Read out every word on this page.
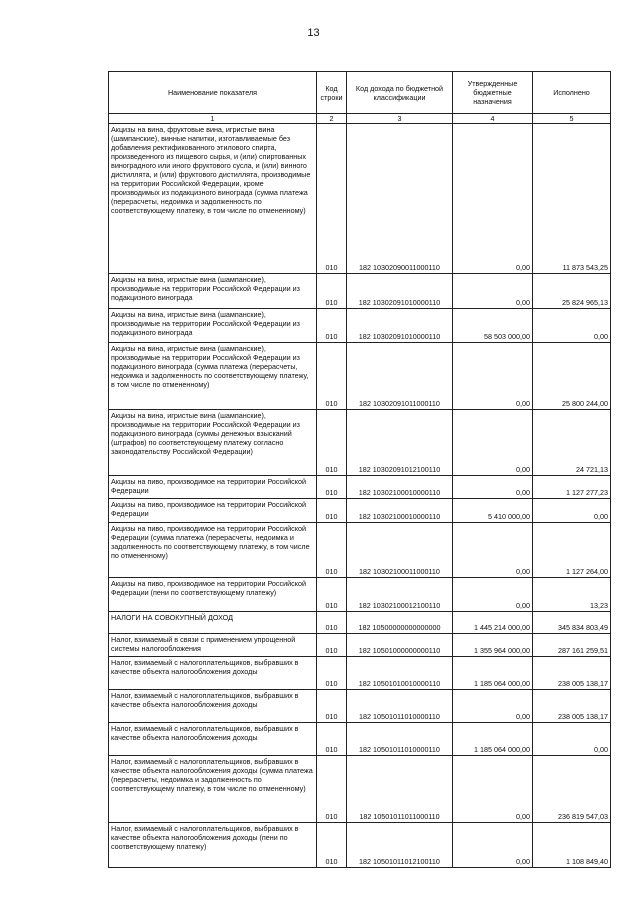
13
Наименование показателя	Код строки	Код дохода по бюджетной классификации	Утвержденные бюджетные назначения	Исполнено
1	2	3	4	5
Акцизы на вина, фруктовые вина, игристые вина (шампанские), винные напитки, изготавливаемые без добавления ректификованного этилового спирта, произведенного из пищевого сырья, и (или) спиртованных виноградного или иного фруктового сусла, и (или) винного дистиллята, и (или) фруктового дистиллята, производимые на территории Российской Федерации, кроме производимых из подакцизного винограда (сумма платежа (перерасчеты, недоимка и задолженность по соответствующему платежу, в том числе по отмененному)	010	182 10302090011000110	0,00	11 873 543,25
Акцизы на вина, игристые вина (шампанские), производимые на территории Российской Федерации из подакцизного винограда	010	182 10302091010000110	0,00	25 824 965,13
Акцизы на вина, игристые вина (шампанские), производимые на территории Российской Федерации из подакцизного винограда	010	182 10302091010000110	58 503 000,00	0,00
Акцизы на вина, игристые вина (шампанские), производимые на территории Российской Федерации из подакцизного винограда (сумма платежа (перерасчеты, недоимка и задолженность по соответствующему платежу, в том числе по отмененному)	010	182 10302091011000110	0,00	25 800 244,00
Акцизы на вина, игристые вина (шампанские), производимые на территории Российской Федерации из подакцизного винограда (суммы денежных взысканий (штрафов) по соответствующему платежу согласно законодательству Российской Федерации)	010	182 10302091012100110	0,00	24 721,13
Акцизы на пиво, производимое на территории Российской Федерации	010	182 10302100010000110	0,00	1 127 277,23
Акцизы на пиво, производимое на территории Российской Федерации	010	182 10302100010000110	5 410 000,00	0,00
Акцизы на пиво, производимое на территории Российской Федерации (сумма платежа (перерасчеты, недоимка и задолженность по соответствующему платежу, в том числе по отмененному)	010	182 10302100011000110	0,00	1 127 264,00
Акцизы на пиво, производимое на территории Российской Федерации (пени по соответствующему платежу)	010	182 10302100012100110	0,00	13,23
НАЛОГИ НА СОВОКУПНЫЙ ДОХОД	010	182 10500000000000000	1 445 214 000,00	345 834 803,49
Налог, взимаемый в связи с применением упрощенной системы налогообложения	010	182 10501000000000110	1 355 964 000,00	287 161 259,51
Налог, взимаемый с налогоплательщиков, выбравших в качестве объекта налогообложения доходы	010	182 10501010010000110	1 185 064 000,00	238 005 138,17
Налог, взимаемый с налогоплательщиков, выбравших в качестве объекта налогообложения доходы	010	182 10501011010000110	0,00	238 005 138,17
Налог, взимаемый с налогоплательщиков, выбравших в качестве объекта налогообложения доходы	010	182 10501011010000110	1 185 064 000,00	0,00
Налог, взимаемый с налогоплательщиков, выбравших в качестве объекта налогообложения доходы (сумма платежа (перерасчеты, недоимка и задолженность по соответствующему платежу, в том числе по отмененному)	010	182 10501011011000110	0,00	236 819 547,03
Налог, взимаемый с налогоплательщиков, выбравших в качестве объекта налогообложения доходы (пени по соответствующему платежу)	010	182 10501011012100110	0,00	1 108 849,40
